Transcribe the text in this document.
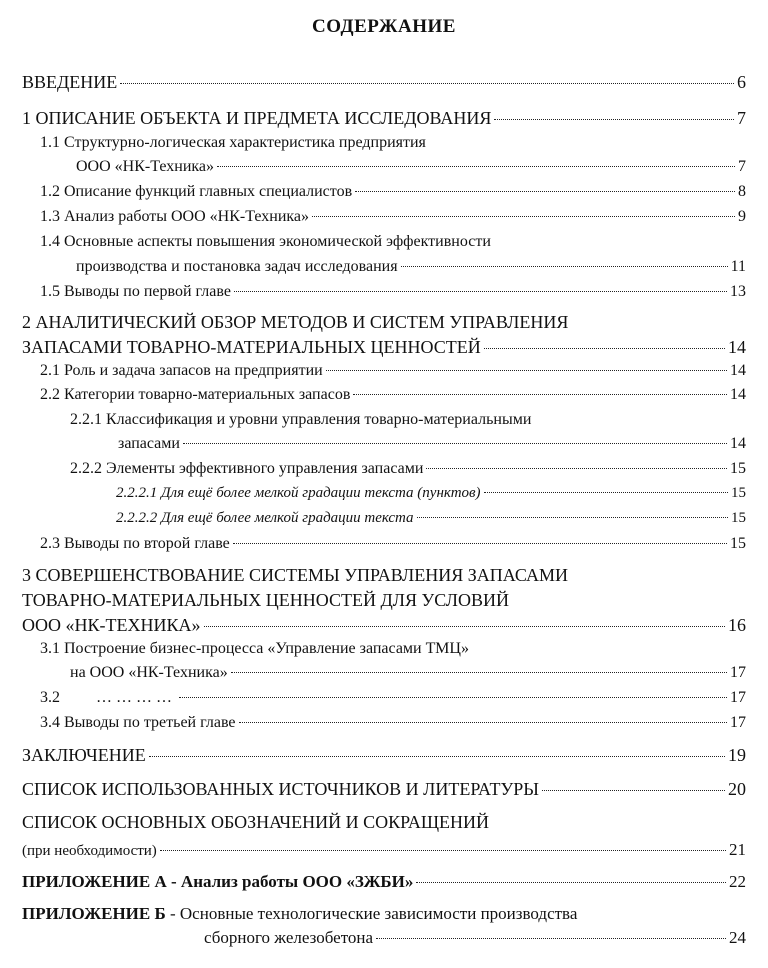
СОДЕРЖАНИЕ
ВВЕДЕНИЕ	6
1 ОПИСАНИЕ ОБЪЕКТА И ПРЕДМЕТА ИССЛЕДОВАНИЯ	7
1.1 Структурно-логическая характеристика предприятия
ООО «НК-Техника»	7
1.2 Описание функций главных специалистов	8
1.3 Анализ работы ООО «НК-Техника»	9
1.4 Основные аспекты повышения экономической эффективности
производства и постановка задач исследования	11
1.5 Выводы по первой главе	13
2 АНАЛИТИЧЕСКИЙ ОБЗОР МЕТОДОВ И СИСТЕМ УПРАВЛЕНИЯ
ЗАПАСАМИ ТОВАРНО-МАТЕРИАЛЬНЫХ ЦЕННОСТЕЙ	14
2.1 Роль и задача запасов на предприятии	14
2.2 Категории товарно-материальных запасов	14
2.2.1 Классификация и уровни управления товарно-материальными
запасами	14
2.2.2 Элементы эффективного управления запасами	15
2.2.2.1 Для ещё более мелкой градации текста (пунктов)	15
2.2.2.2 Для ещё более мелкой градации текста	15
2.3 Выводы по второй главе	15
3 СОВЕРШЕНСТВОВАНИЕ СИСТЕМЫ УПРАВЛЕНИЯ ЗАПАСАМИ
ТОВАРНО-МАТЕРИАЛЬНЫХ ЦЕННОСТЕЙ ДЛЯ УСЛОВИЙ
ООО «НК-ТЕХНИКА»	16
3.1 Построение бизнес-процесса «Управление запасами ТМЦ»
на ООО «НК-Техника»	17
3.2 …………	17
3.4 Выводы по третьей главе	17
ЗАКЛЮЧЕНИЕ	19
СПИСОК ИСПОЛЬЗОВАННЫХ ИСТОЧНИКОВ И ЛИТЕРАТУРЫ	20
СПИСОК ОСНОВНЫХ ОБОЗНАЧЕНИЙ И СОКРАЩЕНИЙ
(при необходимости)	21
ПРИЛОЖЕНИЕ А - Анализ работы ООО «ЗЖБИ»	22
ПРИЛОЖЕНИЕ Б - Основные технологические зависимости производства
сборного железобетона	24
